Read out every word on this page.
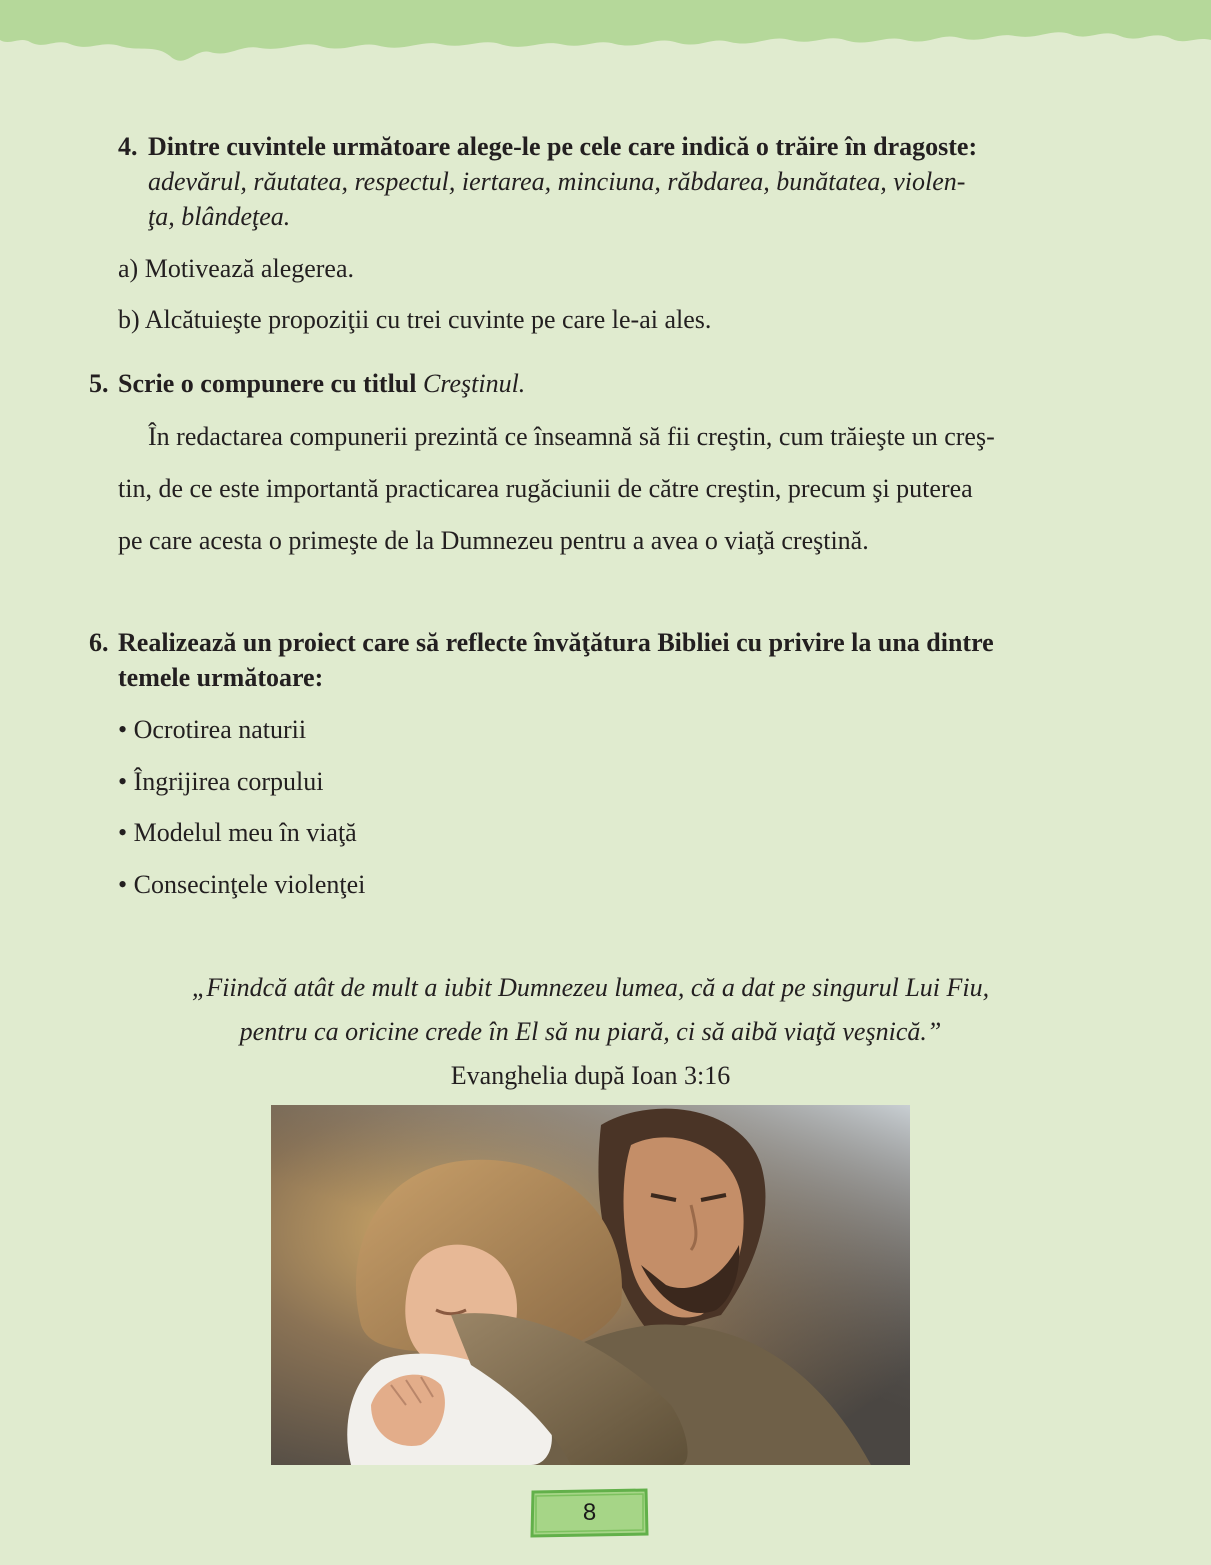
4. Dintre cuvintele următoare alege-le pe cele care indică o trăire în dragoste:
adevărul, răutatea, respectul, iertarea, minciuna, răbdarea, bunătatea, violen-
ţa, blândeţea.
a) Motivează alegerea.
b) Alcătuieşte propoziţii cu trei cuvinte pe care le-ai ales.
5. Scrie o compunere cu titlul Creştinul.
În redactarea compunerii prezintă ce înseamnă să fii creştin, cum trăieşte un creş-
tin, de ce este importantă practicarea rugăciunii de către creştin, precum şi puterea
pe care acesta o primeşte de la Dumnezeu pentru a avea o viaţă creştină.
6. Realizează un proiect care să reflecte învăţătura Bibliei cu privire la una dintre
temele următoare:
• Ocrotirea naturii
• Îngrijirea corpului
• Modelul meu în viaţă
• Consecinţele violenţei
„Fiindcă atât de mult a iubit Dumnezeu lumea, că a dat pe singurul Lui Fiu,
pentru ca oricine crede în El să nu piară, ci să aibă viaţă veşnică.”
Evanghelia după Ioan 3:16
8
